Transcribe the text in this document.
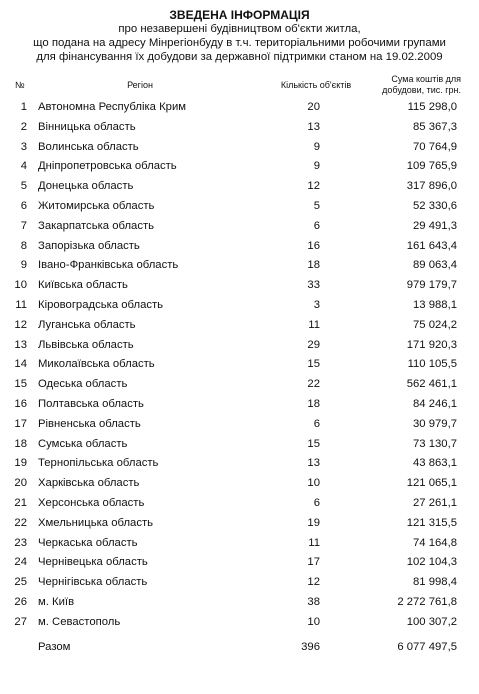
ЗВЕДЕНА ІНФОРМАЦІЯ
про незавершені будівництвом об'єкти житла,
що подана на адресу Мінрегіонбуду в т.ч. територіальними робочими групами
для фінансування їх добудови за державної підтримки станом на 19.02.2009
№	Регіон	Кількість об'єктів
Сума коштів для
добудови, тис. грн.
1 Автономна Республіка Крим	20	115 298,0
2 Вінницька область	13	85 367,3
3 Волинська область	9	70 764,9
4 Дніпропетровська область	9	109 765,9
5 Донецька область	12	317 896,0
6 Житомирська область	5	52 330,6
7 Закарпатська область	6	29 491,3
8 Запорізька область	16	161 643,4
9 Івано-Франківська область	18	89 063,4
10 Київська область	33	979 179,7
11 Кіровоградська область	3	13 988,1
12 Луганська область	11	75 024,2
13 Львівська область	29	171 920,3
14 Миколаївська область	15	110 105,5
15 Одеська область	22	562 461,1
16 Полтавська область	18	84 246,1
17 Рівненська область	6	30 979,7
18 Сумська область	15	73 130,7
19 Тернопільська область	13	43 863,1
20 Харківська область	10	121 065,1
21 Херсонська область	6	27 261,1
22 Хмельницька область	19	121 315,5
23 Черкаська область	11	74 164,8
24 Чернівецька область	17	102 104,3
25 Чернігівська область	12	81 998,4
26 м. Київ	38	2 272 761,8
27 м. Севастополь	10	100 307,2
Разом	396	6 077 497,5
